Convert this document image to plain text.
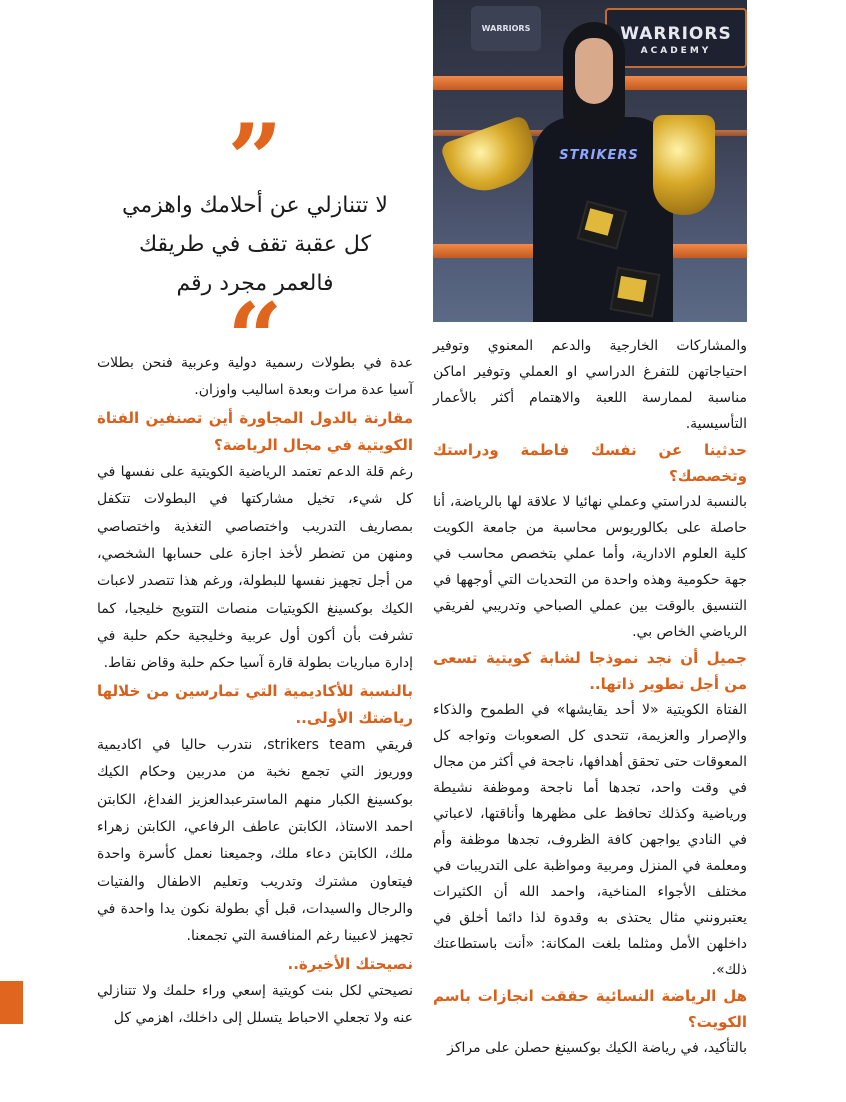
WARRIORS	WARRIORS
ACADEMY
STRIKERS
”
لا تتنازلي عن أحلامك واهزمي
كل عقبة تقف في طريقك
فالعمر مجرد رقم
“	والمشاركات الخارجية والدعم المعنوي وتوفير احتياجاتهن للتفرغ الدراسي او العملي وتوفير اماكن مناسبة لممارسة اللعبة والاهتمام أكثر بالأعمار التأسيسية.

حدثينا عن نفسك فاطمة ودراستك وتخصصك؟

بالنسبة لدراستي وعملي نهائيا لا علاقة لها بالرياضة، أنا حاصلة على بكالوريوس محاسبة من جامعة الكويت كلية العلوم الادارية، وأما عملي بتخصص محاسب في جهة حكومية وهذه واحدة من التحديات التي أوجهها في التنسيق بالوقت بين عملي الصباحي وتدريبي لفريقي الرياضي الخاص بي.

جميل أن نجد نموذجا لشابة كويتية تسعى من أجل تطوير ذاتها..

الفتاة الكويتية «لا أحد يقايشها» في الطموح والذكاء والإصرار والعزيمة، تتحدى كل الصعوبات وتواجه كل المعوقات حتى تحقق أهدافها، ناجحة في أكثر من مجال في وقت واحد، تجدها أما ناجحة وموظفة نشيطة ورياضية وكذلك تحافظ على مظهرها وأناقتها، لاعباتي في النادي يواجهن كافة الظروف، تجدها موظفة وأم ومعلمة في المنزل ومربية ومواظبة على التدريبات في مختلف الأجواء المناخية، واحمد الله أن الكثيرات يعتبرونني مثال يحتذى به وقدوة لذا دائما أخلق في داخلهن الأمل ومثلما بلغت المكانة: «أنت باستطاعتك ذلك».

هل الرياضة النسائية حققت انجازات باسم الكويت؟

بالتأكيد، في رياضة الكيك بوكسينغ حصلن على مراكز

عدة في بطولات رسمية دولية وعربية فنحن بطلات آسيا عدة مرات وبعدة اساليب واوزان.

مقارنة بالدول المجاورة أين تصنفين الفتاة الكويتية في مجال الرياضة؟

رغم قلة الدعم تعتمد الرياضية الكويتية على نفسها في كل شيء، تخيل مشاركتها في البطولات تتكفل بمصاريف التدريب واختصاصي التغذية واختصاصي ومنهن من تضطر لأخذ اجازة على حسابها الشخصي، من أجل تجهيز نفسها للبطولة، ورغم هذا تتصدر لاعبات الكيك بوكسينغ الكويتيات منصات التتويج خليجيا، كما تشرفت بأن أكون أول عربية وخليجية حكم حلبة في إدارة مباريات بطولة قارة آسيا حكم حلبة وقاض نقاط.

بالنسبة للأكاديمية التي تمارسين من خلالها رياضتك الأولى..

فريقي strikers team، نتدرب حاليا في اكاديمية ووريوز التي تجمع نخبة من مدربين وحكام الكيك بوكسينغ الكبار منهم الماسترعبدالعزيز الفداغ، الكابتن احمد الاستاذ، الكابتن عاطف الرفاعي، الكابتن زهراء ملك، الكابتن دعاء ملك، وجميعنا نعمل كأسرة واحدة فيتعاون مشترك وتدريب وتعليم الاطفال والفتيات والرجال والسيدات، قبل أي بطولة نكون يدا واحدة في تجهيز لاعبينا رغم المنافسة التي تجمعنا.

نصيحتك الأخيرة..

نصيحتي لكل بنت كويتية إسعي وراء حلمك ولا تتنازلي عنه ولا تجعلي الاحباط يتسلل إلى داخلك، اهزمي كل
